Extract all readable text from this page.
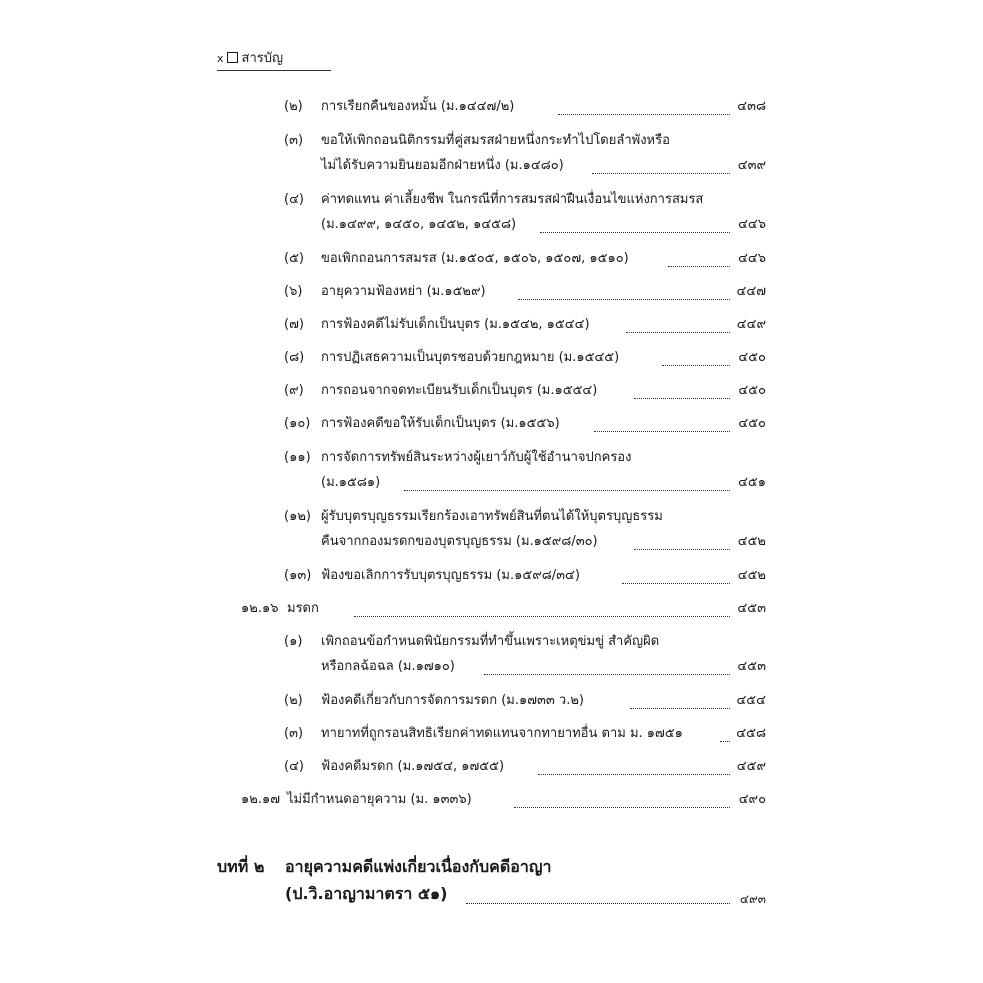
x สารบัญ
(๒) การเรียกคืนของหมั้น (ม.๑๔๔๗/๒)	๔๓๘
(๓) ขอให้เพิกถอนนิติกรรมที่คู่สมรสฝ่ายหนึ่งกระทำไปโดยลำพังหรือ
ไม่ได้รับความยินยอมอีกฝ่ายหนึ่ง (ม.๑๔๘๐)	๔๓๙
(๔) ค่าทดแทน ค่าเลี้ยงชีพ ในกรณีที่การสมรสฝ่าฝืนเงื่อนไขแห่งการสมรส
(ม.๑๔๙๙, ๑๔๕๐, ๑๔๕๒, ๑๔๕๘)	๔๔๖
(๕) ขอเพิกถอนการสมรส (ม.๑๕๐๕, ๑๕๐๖, ๑๕๐๗, ๑๕๑๐)	๔๔๖
(๖) อายุความฟ้องหย่า (ม.๑๕๒๙)	๔๔๗
(๗) การฟ้องคดีไม่รับเด็กเป็นบุตร (ม.๑๕๔๒, ๑๕๔๔)	๔๔๙
(๘) การปฏิเสธความเป็นบุตรชอบด้วยกฎหมาย (ม.๑๕๔๕)	๔๕๐
(๙) การถอนจากจดทะเบียนรับเด็กเป็นบุตร (ม.๑๕๕๔)	๔๕๐
(๑๐) การฟ้องคดีขอให้รับเด็กเป็นบุตร (ม.๑๕๕๖)	๔๕๐
(๑๑) การจัดการทรัพย์สินระหว่างผู้เยาว์กับผู้ใช้อำนาจปกครอง
(ม.๑๕๘๑)	๔๕๑
(๑๒) ผู้รับบุตรบุญธรรมเรียกร้องเอาทรัพย์สินที่ตนได้ให้บุตรบุญธรรม
คืนจากกองมรดกของบุตรบุญธรรม (ม.๑๕๙๘/๓๐)	๔๕๒
(๑๓) ฟ้องขอเลิกการรับบุตรบุญธรรม (ม.๑๕๙๘/๓๔)	๔๕๒
๑๒.๑๖ มรดก	๔๕๓
(๑) เพิกถอนข้อกำหนดพินัยกรรมที่ทำขึ้นเพราะเหตุข่มขู่ สำคัญผิด
หรือกลฉ้อฉล (ม.๑๗๑๐)	๔๕๓
(๒) ฟ้องคดีเกี่ยวกับการจัดการมรดก (ม.๑๗๓๓ ว.๒)	๔๕๔
(๓) ทายาทที่ถูกรอนสิทธิเรียกค่าทดแทนจากทายาทอื่น ตาม ม. ๑๗๕๑	๔๕๘
(๔) ฟ้องคดีมรดก (ม.๑๗๕๔, ๑๗๕๕)	๔๕๙
๑๒.๑๗ ไม่มีกำหนดอายุความ (ม. ๑๓๓๖)	๔๙๐
บทที่ ๒ อายุความคดีแพ่งเกี่ยวเนื่องกับคดีอาญา
(ป.วิ.อาญามาตรา ๕๑)	๔๙๓
